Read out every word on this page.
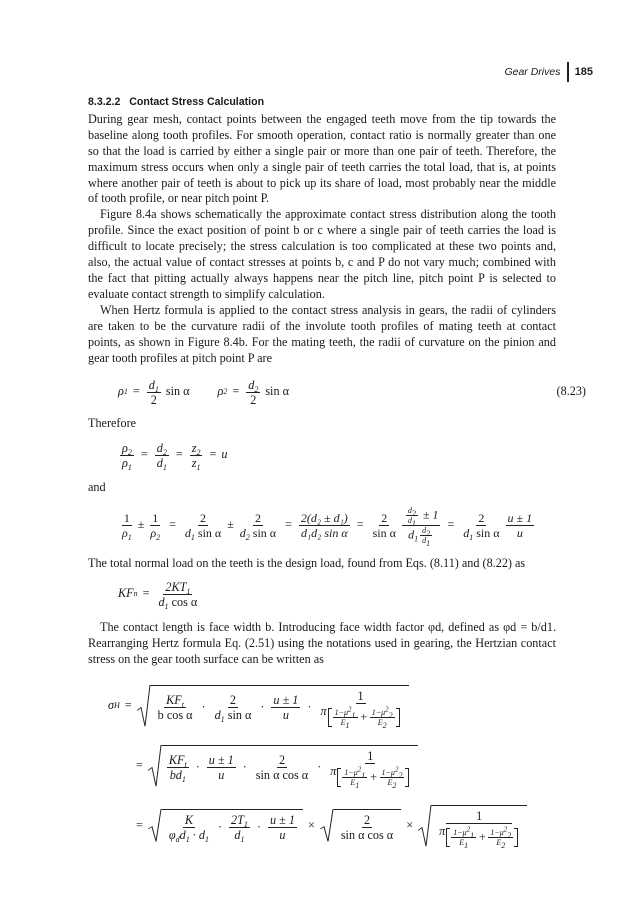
Gear Drives 185
8.3.2.2 Contact Stress Calculation

During gear mesh, contact points between the engaged teeth move from the tip towards the baseline along tooth profiles. For smooth operation, contact ratio is normally greater than one so that the load is carried by either a single pair or more than one pair of teeth. Therefore, the maximum stress occurs when only a single pair of teeth carries the total load, that is, at points where another pair of teeth is about to pick up its share of load, most probably near the middle of tooth profile, or near pitch point P.

Figure 8.4a shows schematically the approximate contact stress distribution along the tooth profile. Since the exact position of point b or c where a single pair of teeth carries the load is difficult to locate precisely; the stress calculation is too complicated at these two points and, also, the actual value of contact stresses at points b, c and P do not vary much; combined with the fact that pitting actually always happens near the pitch line, pitch point P is selected to evaluate contact strength to simplify calculation.

When Hertz formula is applied to the contact stress analysis in gears, the radii of cylinders are taken to be the curvature radii of the involute tooth profiles of mating teeth at contact points, as shown in Figure 8.4b. For the mating teeth, the radii of curvature on the pinion and gear tooth profiles at pitch point P are

ρ $1 = \frac{d_1}{2}$ sin α ρ $2 = \frac{d_2}{2}$ sin α	(8.23)

Therefore

$\frac{\rho_2}{\rho_1} = \frac{d_2}{d_1} = \frac{z_2}{z_1} = u$

and

$\frac{1}{\rho_1} \pm \frac{1}{\rho_2} = \frac{2}{d_1 \sin \alpha} \pm \frac{2}{d_2 \sin \alpha} = \frac{\text{2(d₂ ± d₁)}}{\text{d₁d₂ sin α}} = \frac{2}{\text{sin α}} \frac{\frac{d_2}{d_1} \pm 1}{d_1 \frac{d_2}{d_1}} = \frac{2}{d_1 \sin \alpha} \frac{u \pm 1}{u}$

The total normal load on the teeth is the design load, found from Eqs. (8.11) and (8.22) as

KF $n = \frac{2KT_1}{d_1 \cos \alpha}$

The contact length is face width b. Introducing face width factor φd, defined as φd = b/d1. Rearranging Hertz formula Eq. (2.51) using the notations used in gearing, the Hertzian contact stress on the gear tooth surface can be written as

σ $H = \frac{KF_t}{\text{b cos α}} \cdot \frac{2}{d_1 \sin \alpha} \cdot \frac{u \pm 1}{u} \cdot \frac{1}{\pi \frac{1-\mu^2_1}{E_1} + \frac{1-\mu^2_2}{E_2}}$
= $\frac{KF_t}{bd_1} \cdot \frac{u \pm 1}{u} \cdot \frac{2}{\text{sin α cos α}} \cdot \frac{1}{\pi \frac{1-\mu^2_1}{E_1} + \frac{1-\mu^2_2}{E_2}}$
= $\frac{K}{\varphi_dd_1 \cdot d_1} \cdot \frac{2T_1}{d_1} \cdot \frac{u \pm 1}{u} \times \frac{2}{\text{sin α cos α}} \times \frac{1}{\pi \frac{1-\mu^2_1}{E_1} + \frac{1-\mu^2_2}{E_2}}$
